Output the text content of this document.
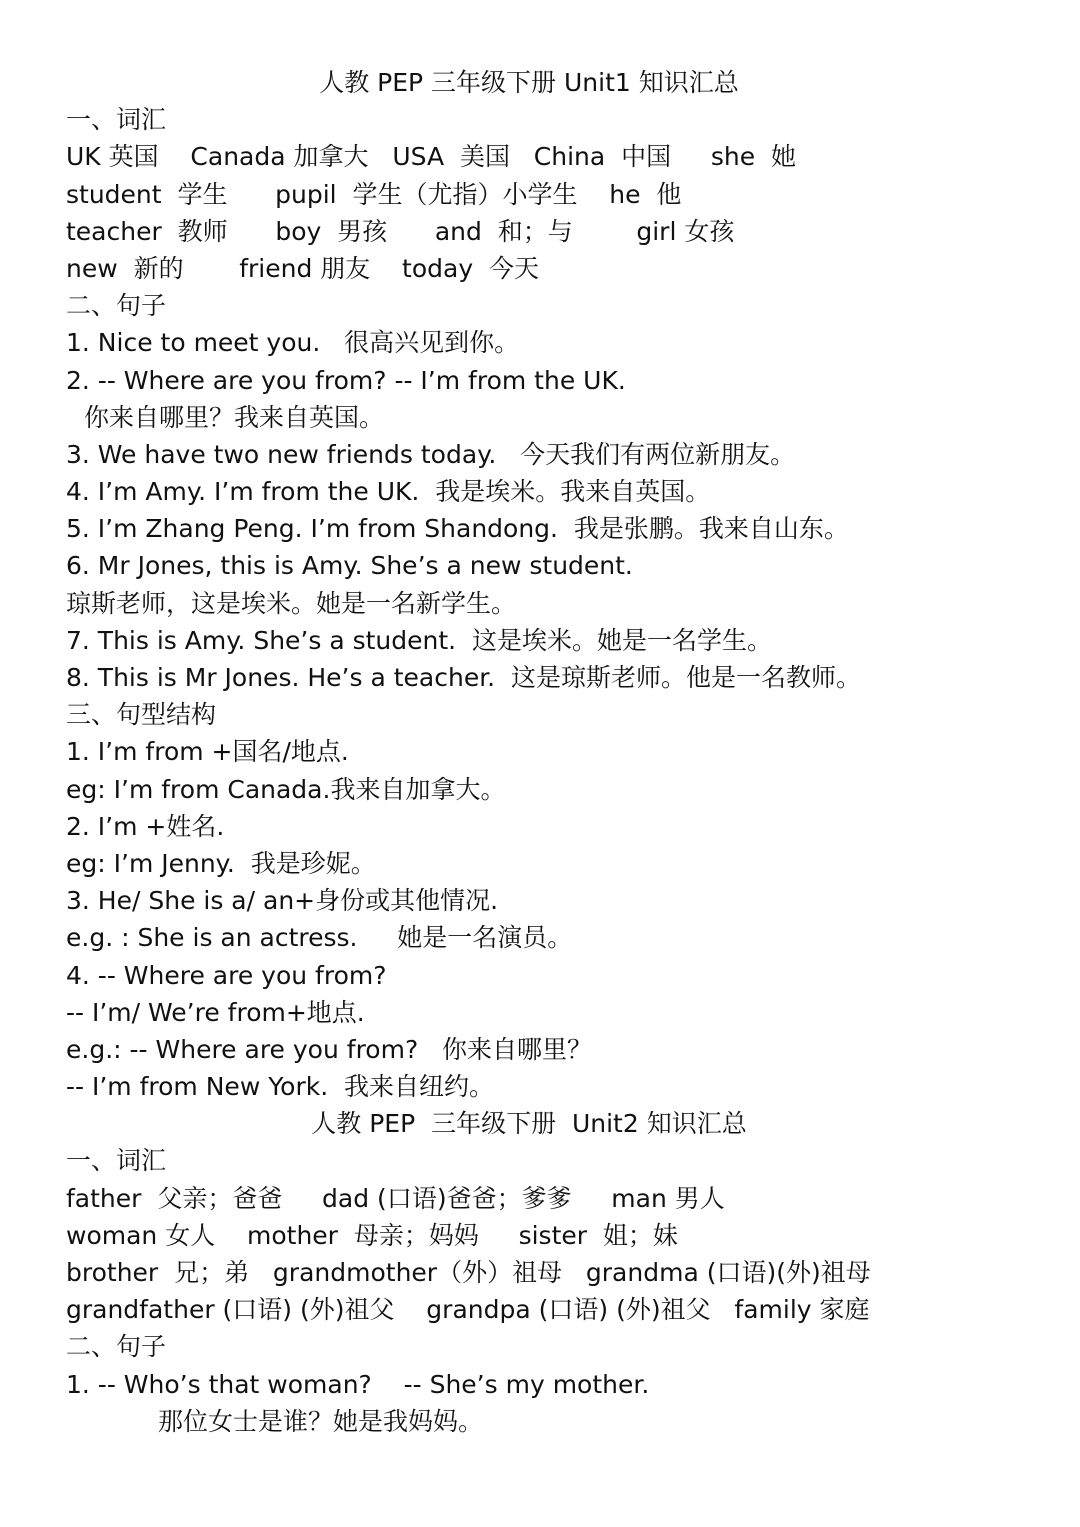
人教 PEP 三年级下册 Unit1 知识汇总
一、词汇
UK 英国    Canada 加拿大   USA  美国   China  中国     she  她
student  学生      pupil  学生（尤指）小学生    he  他
teacher  教师      boy  男孩      and  和；与        girl 女孩
new  新的       friend 朋友    today  今天
二、句子
1. Nice to meet you.   很高兴见到你。
2. -- Where are you from? -- I’m from the UK.
你来自哪里？我来自英国。
3. We have two new friends today.   今天我们有两位新朋友。
4. I’m Amy. I’m from the UK.  我是埃米。我来自英国。
5. I’m Zhang Peng. I’m from Shandong.  我是张鹏。我来自山东。
6. Mr Jones, this is Amy. She’s a new student.
琼斯老师，这是埃米。她是一名新学生。
7. This is Amy. She’s a student.  这是埃米。她是一名学生。
8. This is Mr Jones. He’s a teacher.  这是琼斯老师。他是一名教师。
三、句型结构
1. I’m from +国名/地点.
eg: I’m from Canada.我来自加拿大。
2. I’m +姓名.
eg: I’m Jenny.  我是珍妮。
3. He/ She is a/ an+身份或其他情况.
e.g. : She is an actress.     她是一名演员。
4. -- Where are you from?
-- I’m/ We’re from+地点.
e.g.: -- Where are you from?   你来自哪里？
-- I’m from New York.  我来自纽约。
人教 PEP  三年级下册  Unit2 知识汇总
一、词汇
father  父亲；爸爸     dad (口语)爸爸；爹爹     man 男人
woman 女人    mother  母亲；妈妈     sister  姐；妹
brother  兄；弟   grandmother（外）祖母   grandma (口语)(外)祖母
grandfather (口语) (外)祖父    grandpa (口语) (外)祖父   family 家庭
二、句子
1. -- Who’s that woman?    -- She’s my mother.
那位女士是谁？她是我妈妈。
